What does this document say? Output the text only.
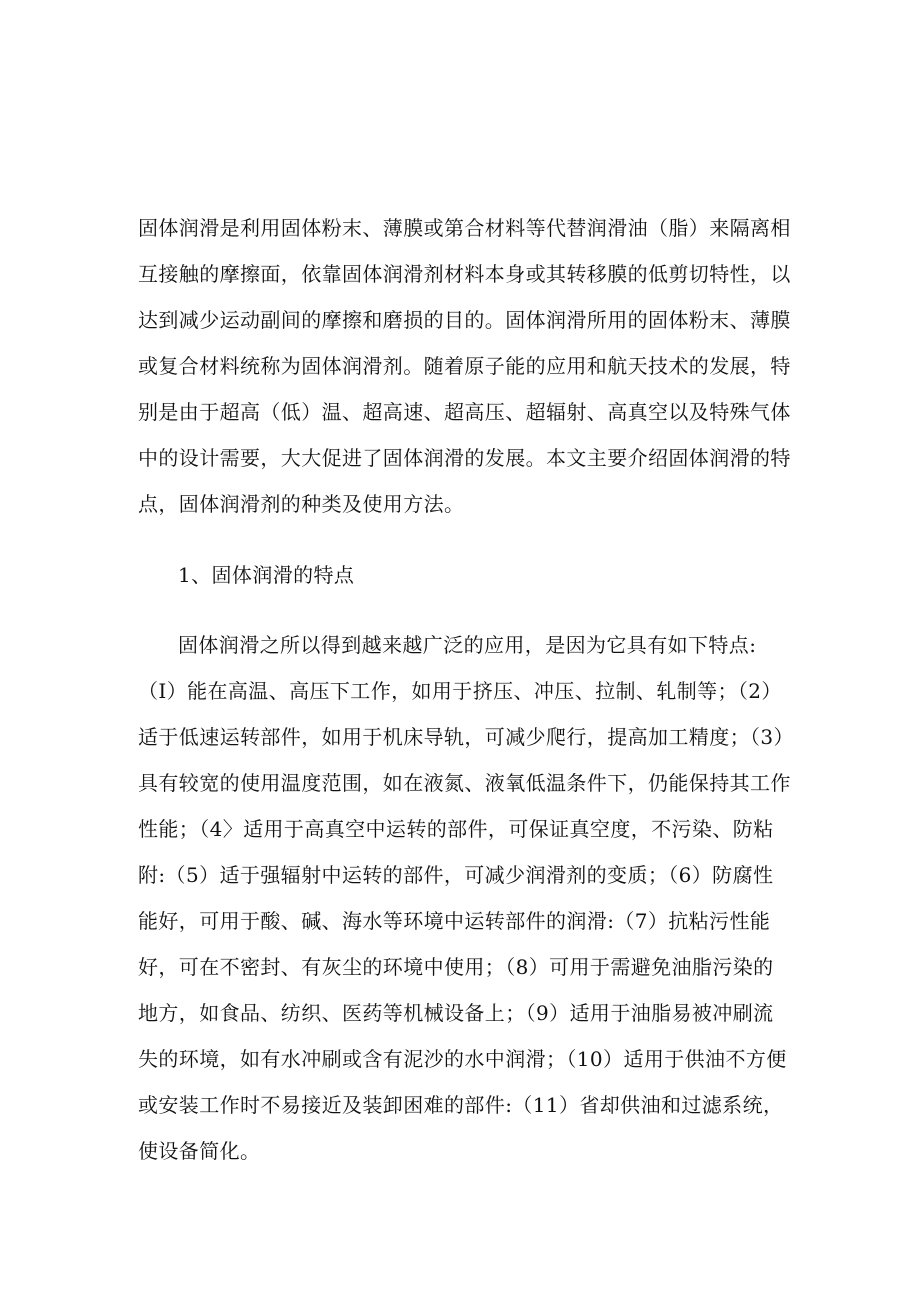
固体润滑是利用固体粉末、薄膜或第合材料等代替润滑油（脂）来隔离相互接触的摩擦面，依靠固体润滑剂材料本身或其转移膜的低剪切特性，以达到减少运动副间的摩擦和磨损的目的。固体润滑所用的固体粉末、薄膜或复合材料统称为固体润滑剂。随着原子能的应用和航天技术的发展，特别是由于超高（低）温、超高速、超高压、超辐射、高真空以及特殊气体中的设计需要，大大促进了固体润滑的发展。本文主要介绍固体润滑的特点，固体润滑剂的种类及使用方法。

1、固体润滑的特点

固体润滑之所以得到越来越广泛的应用，是因为它具有如下特点:（I）能在高温、高压下工作，如用于挤压、冲压、拉制、轧制等；（2）适于低速运转部件，如用于机床导轨，可减少爬行，提高加工精度；（3）具有较宽的使用温度范围，如在液氮、液氧低温条件下，仍能保持其工作性能；（4〉适用于高真空中运转的部件，可保证真空度，不污染、防粘附:（5）适于强辐射中运转的部件，可减少润滑剂的变质；（6）防腐性能好，可用于酸、碱、海水等环境中运转部件的润滑:（7）抗粘污性能好，可在不密封、有灰尘的环境中使用；（8）可用于需避免油脂污染的地方，如食品、纺织、医药等机械设备上；（9）适用于油脂易被冲刷流失的环境，如有水冲刷或含有泥沙的水中润滑；（10）适用于供油不方便或安装工作时不易接近及装卸困难的部件:（11）省却供油和过滤系统，使设备简化。
